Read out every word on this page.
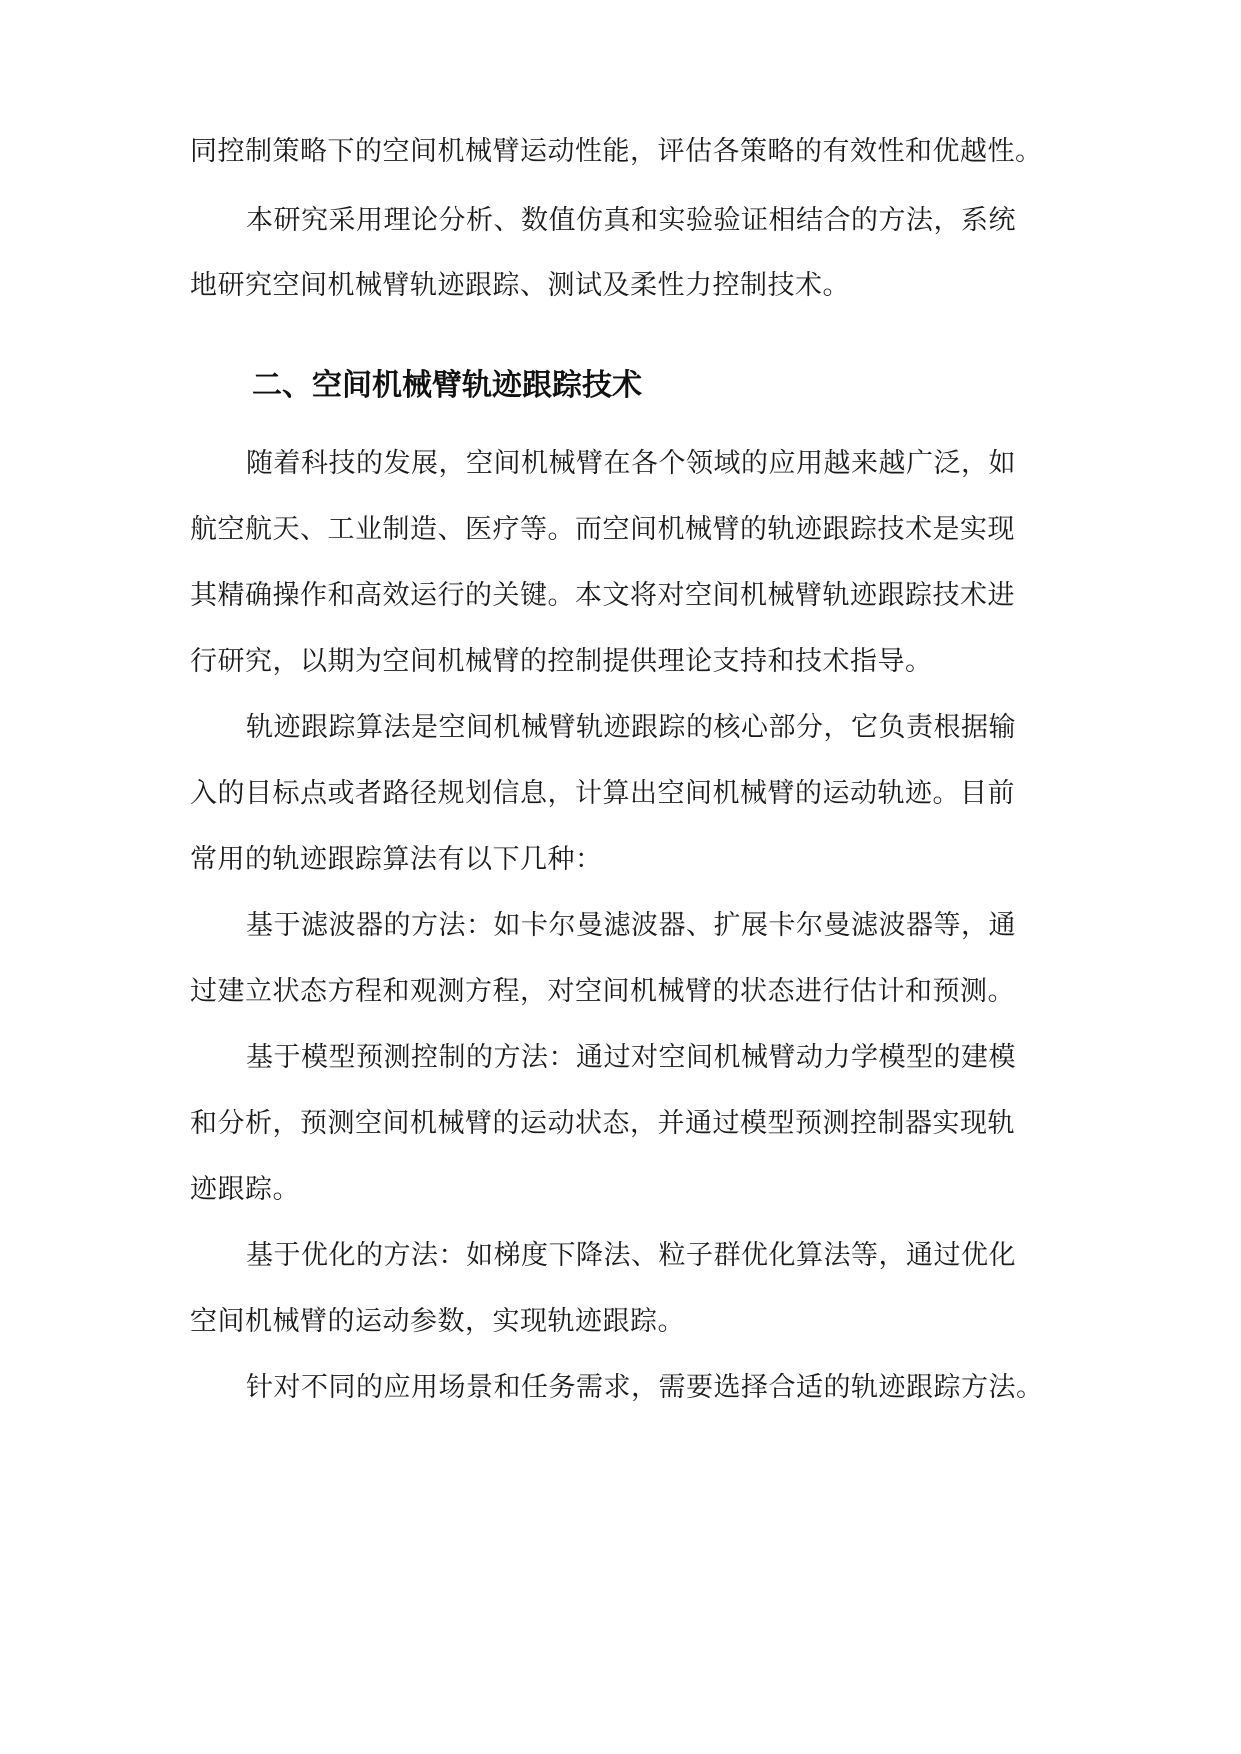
同控制策略下的空间机械臂运动性能，评估各策略的有效性和优越性。
本研究采用理论分析、数值仿真和实验验证相结合的方法，系统
地研究空间机械臂轨迹跟踪、测试及柔性力控制技术。
二、空间机械臂轨迹跟踪技术
随着科技的发展，空间机械臂在各个领域的应用越来越广泛，如
航空航天、工业制造、医疗等。而空间机械臂的轨迹跟踪技术是实现
其精确操作和高效运行的关键。本文将对空间机械臂轨迹跟踪技术进
行研究，以期为空间机械臂的控制提供理论支持和技术指导。
轨迹跟踪算法是空间机械臂轨迹跟踪的核心部分，它负责根据输
入的目标点或者路径规划信息，计算出空间机械臂的运动轨迹。目前
常用的轨迹跟踪算法有以下几种：
基于滤波器的方法：如卡尔曼滤波器、扩展卡尔曼滤波器等，通
过建立状态方程和观测方程，对空间机械臂的状态进行估计和预测。
基于模型预测控制的方法：通过对空间机械臂动力学模型的建模
和分析，预测空间机械臂的运动状态，并通过模型预测控制器实现轨
迹跟踪。
基于优化的方法：如梯度下降法、粒子群优化算法等，通过优化
空间机械臂的运动参数，实现轨迹跟踪。
针对不同的应用场景和任务需求，需要选择合适的轨迹跟踪方法。
